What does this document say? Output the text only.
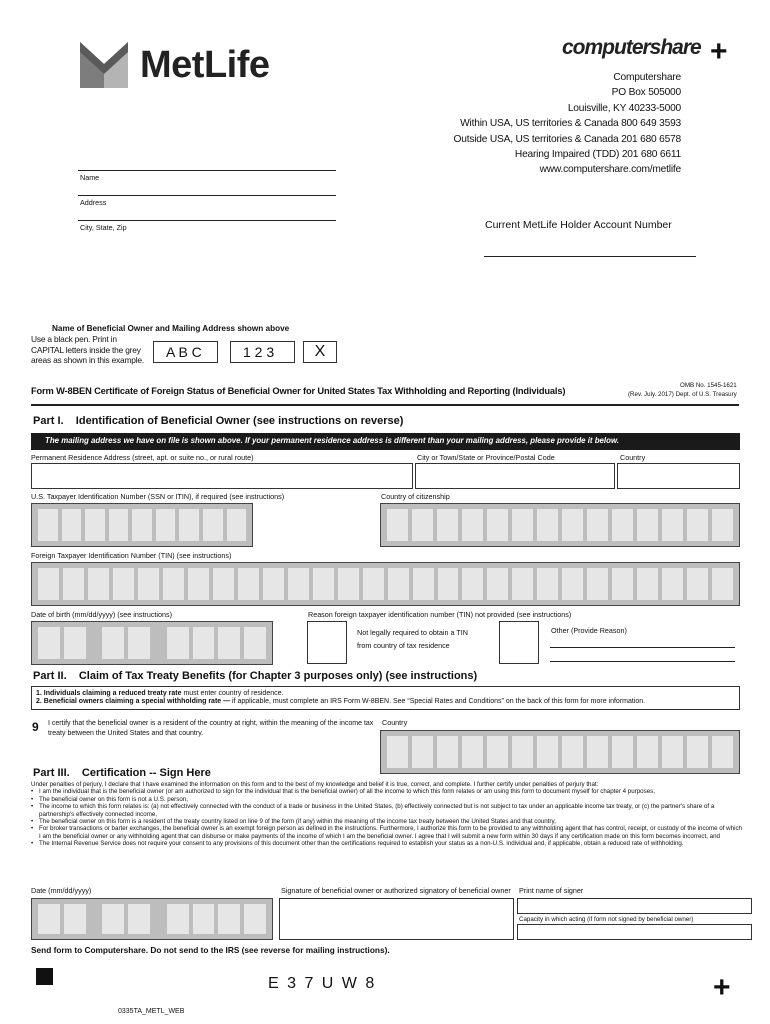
MetLife	computershare +
Computershare
PO Box 505000
Louisville, KY 40233-5000
Within USA, US territories & Canada 800 649 3593
Outside USA, US territories & Canada 201 680 6578
Hearing Impaired (TDD) 201 680 6611
www.computershare.com/metlife
Name
Address
City, State, Zip	Current MetLife Holder Account Number
Name of Beneficial Owner and Mailing Address shown above
Use a black pen. Print in
CAPITAL letters inside the grey
areas as shown in this example.	A B C	1 2 3	X
Form W-8BEN Certificate of Foreign Status of Beneficial Owner for United States Tax Withholding and Reporting (Individuals)
OMB No. 1545-1621
(Rev. July. 2017) Dept. of U.S. Treasury
Part I.    Identification of Beneficial Owner (see instructions on reverse)
The mailing address we have on file is shown above. If your permanent residence address is different than your mailing address, please provide it below.
Permanent Residence Address (street, apt. or suite no., or rural route)	City or Town/State or Province/Postal Code	Country
U.S. Taxpayer Identification Number (SSN or ITIN), if required (see instructions)	Country of citizenship
Foreign Taxpayer Identification Number (TIN) (see instructions)
Date of birth (mm/dd/yyyy) (see instructions)	Reason foreign taxpayer identification number (TIN) not provided (see instructions)
Not legally required to obtain a TIN
from country of tax residence
Other (Provide Reason)
Part II.    Claim of Tax Treaty Benefits (for Chapter 3 purposes only) (see instructions)
1. Individuals claiming a reduced treaty rate must enter country of residence.
2. Beneficial owners claiming a special withholding rate — if applicable, must complete an IRS Form W-8BEN. See “Special Rates and Conditions” on the back of this form for more information.
9 I certify that the beneficial owner is a resident of the country at right, within the meaning of the income tax treaty between the United States and that country.
Country
Part III.    Certification -- Sign Here
Under penalties of perjury, I declare that I have examined the information on this form and to the best of my knowledge and belief it is true, correct, and complete. I further certify under penalties of perjury that:
• I am the individual that is the beneficial owner (or am authorized to sign for the individual that is the beneficial owner) of all the income to which this form relates or am using this form to document myself for chapter 4 purposes,
• The beneficial owner on this form is not a U.S. person,
• The income to which this form relates is: (a) not effectively connected with the conduct of a trade or business in the United States, (b) effectively connected but is not subject to tax under an applicable income tax treaty, or (c) the partner's share of a partnership's effectively connected income,
• The beneficial owner on this form is a resident of the treaty country listed on line 9 of the form (if any) within the meaning of the income tax treaty between the United States and that country,
• For broker transactions or barter exchanges, the beneficial owner is an exempt foreign person as defined in the instructions. Furthermore, I authorize this form to be provided to any withholding agent that has control, receipt, or custody of the income of which I am the beneficial owner or any withholding agent that can disburse or make payments of the income of which I am the beneficial owner. I agree that I will submit a new form within 30 days if any certification made on this form becomes incorrect, and
• The Internal Revenue Service does not require your consent to any provisions of this document other than the certifications required to establish your status as a non-U.S. individual and, if applicable, obtain a reduced rate of withholding.
Date (mm/dd/yyyy)	Signature of beneficial owner or authorized signatory of beneficial owner Print name of signer
Capacity in which acting (if form not signed by beneficial owner)
Send form to Computershare. Do not send to the IRS (see reverse for mailing instructions).
E 3 7 U W 8	+
0335TA_METL_WEB
